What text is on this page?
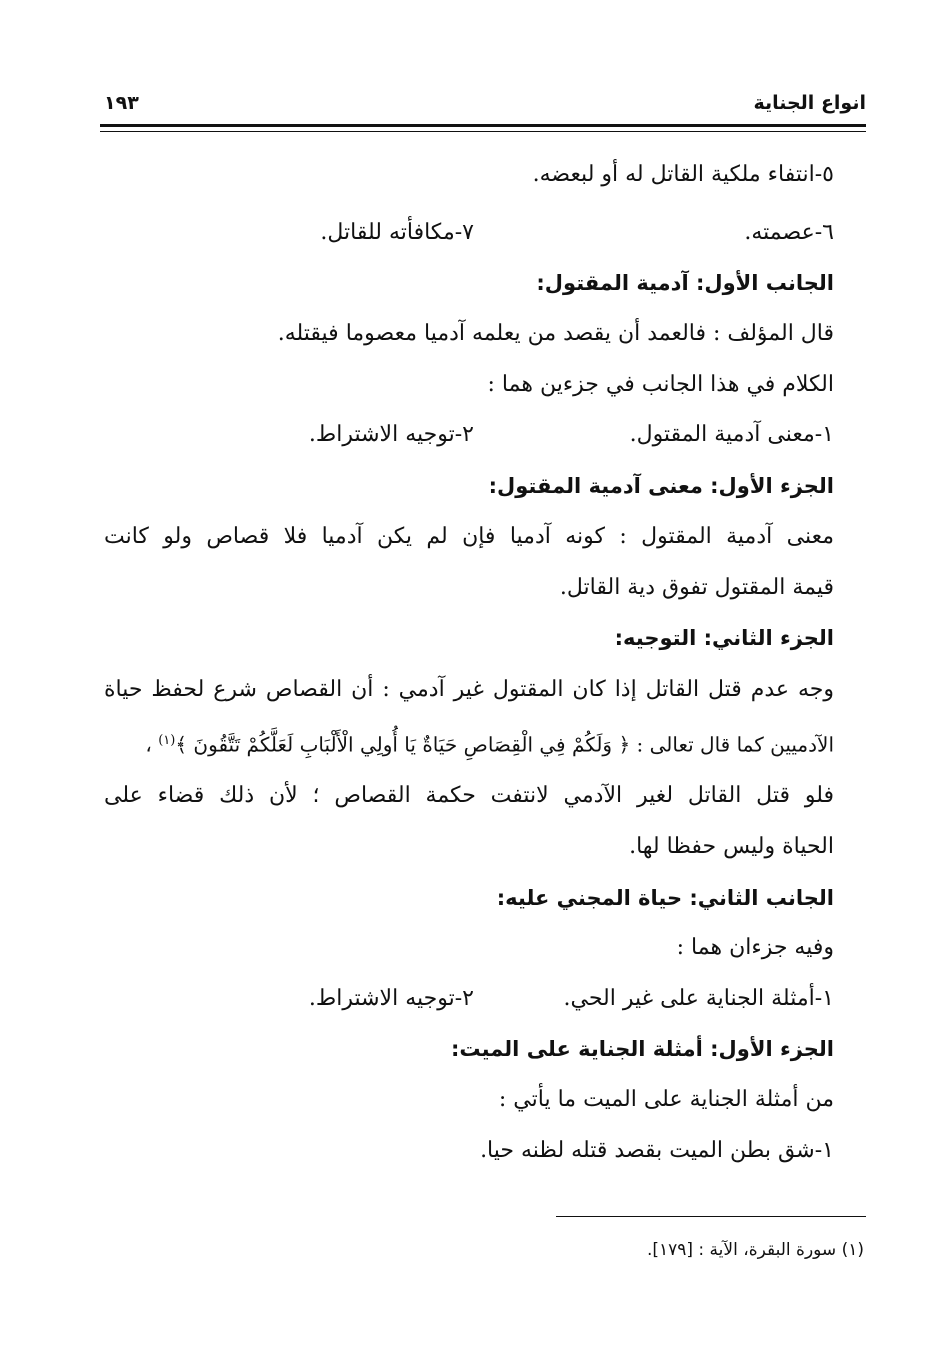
انواع الجناية
١٩٣
٥-انتفاء ملكية القاتل له أو لبعضه.
٦-عصمته.
٧-مكافأته للقاتل.
الجانب الأول: آدمية المقتول:
قال المؤلف : فالعمد أن يقصد من يعلمه آدميا معصوما فيقتله.
الكلام في هذا الجانب في جزءين هما :
١-معنى آدمية المقتول.
٢-توجيه الاشتراط.
الجزء الأول: معنى آدمية المقتول:
معنى آدمية المقتول : كونه آدميا فإن لم يكن آدميا فلا قصاص ولو كانت
قيمة المقتول تفوق دية القاتل.
الجزء الثاني: التوجيه:
وجه عدم قتل القاتل إذا كان المقتول غير آدمي : أن القصاص شرع لحفظ حياة
الآدميين كما قال تعالى : ﴿ وَلَكُمْ فِي الْقِصَاصِ حَيَاةٌ يَا أُولِي الْأَلْبَابِ لَعَلَّكُمْ تَتَّقُونَ ﴾$^{(١)}$ ،
فلو قتل القاتل لغير الآدمي لانتفت حكمة القصاص ؛ لأن ذلك قضاء على
الحياة وليس حفظا لها.
الجانب الثاني: حياة المجني عليه:
وفيه جزءان هما :
١-أمثلة الجناية على غير الحي.
٢-توجيه الاشتراط.
الجزء الأول: أمثلة الجناية على الميت:
من أمثلة الجناية على الميت ما يأتي :
١-شق بطن الميت بقصد قتله لظنه حيا.
(١) سورة البقرة، الآية : [١٧٩].
